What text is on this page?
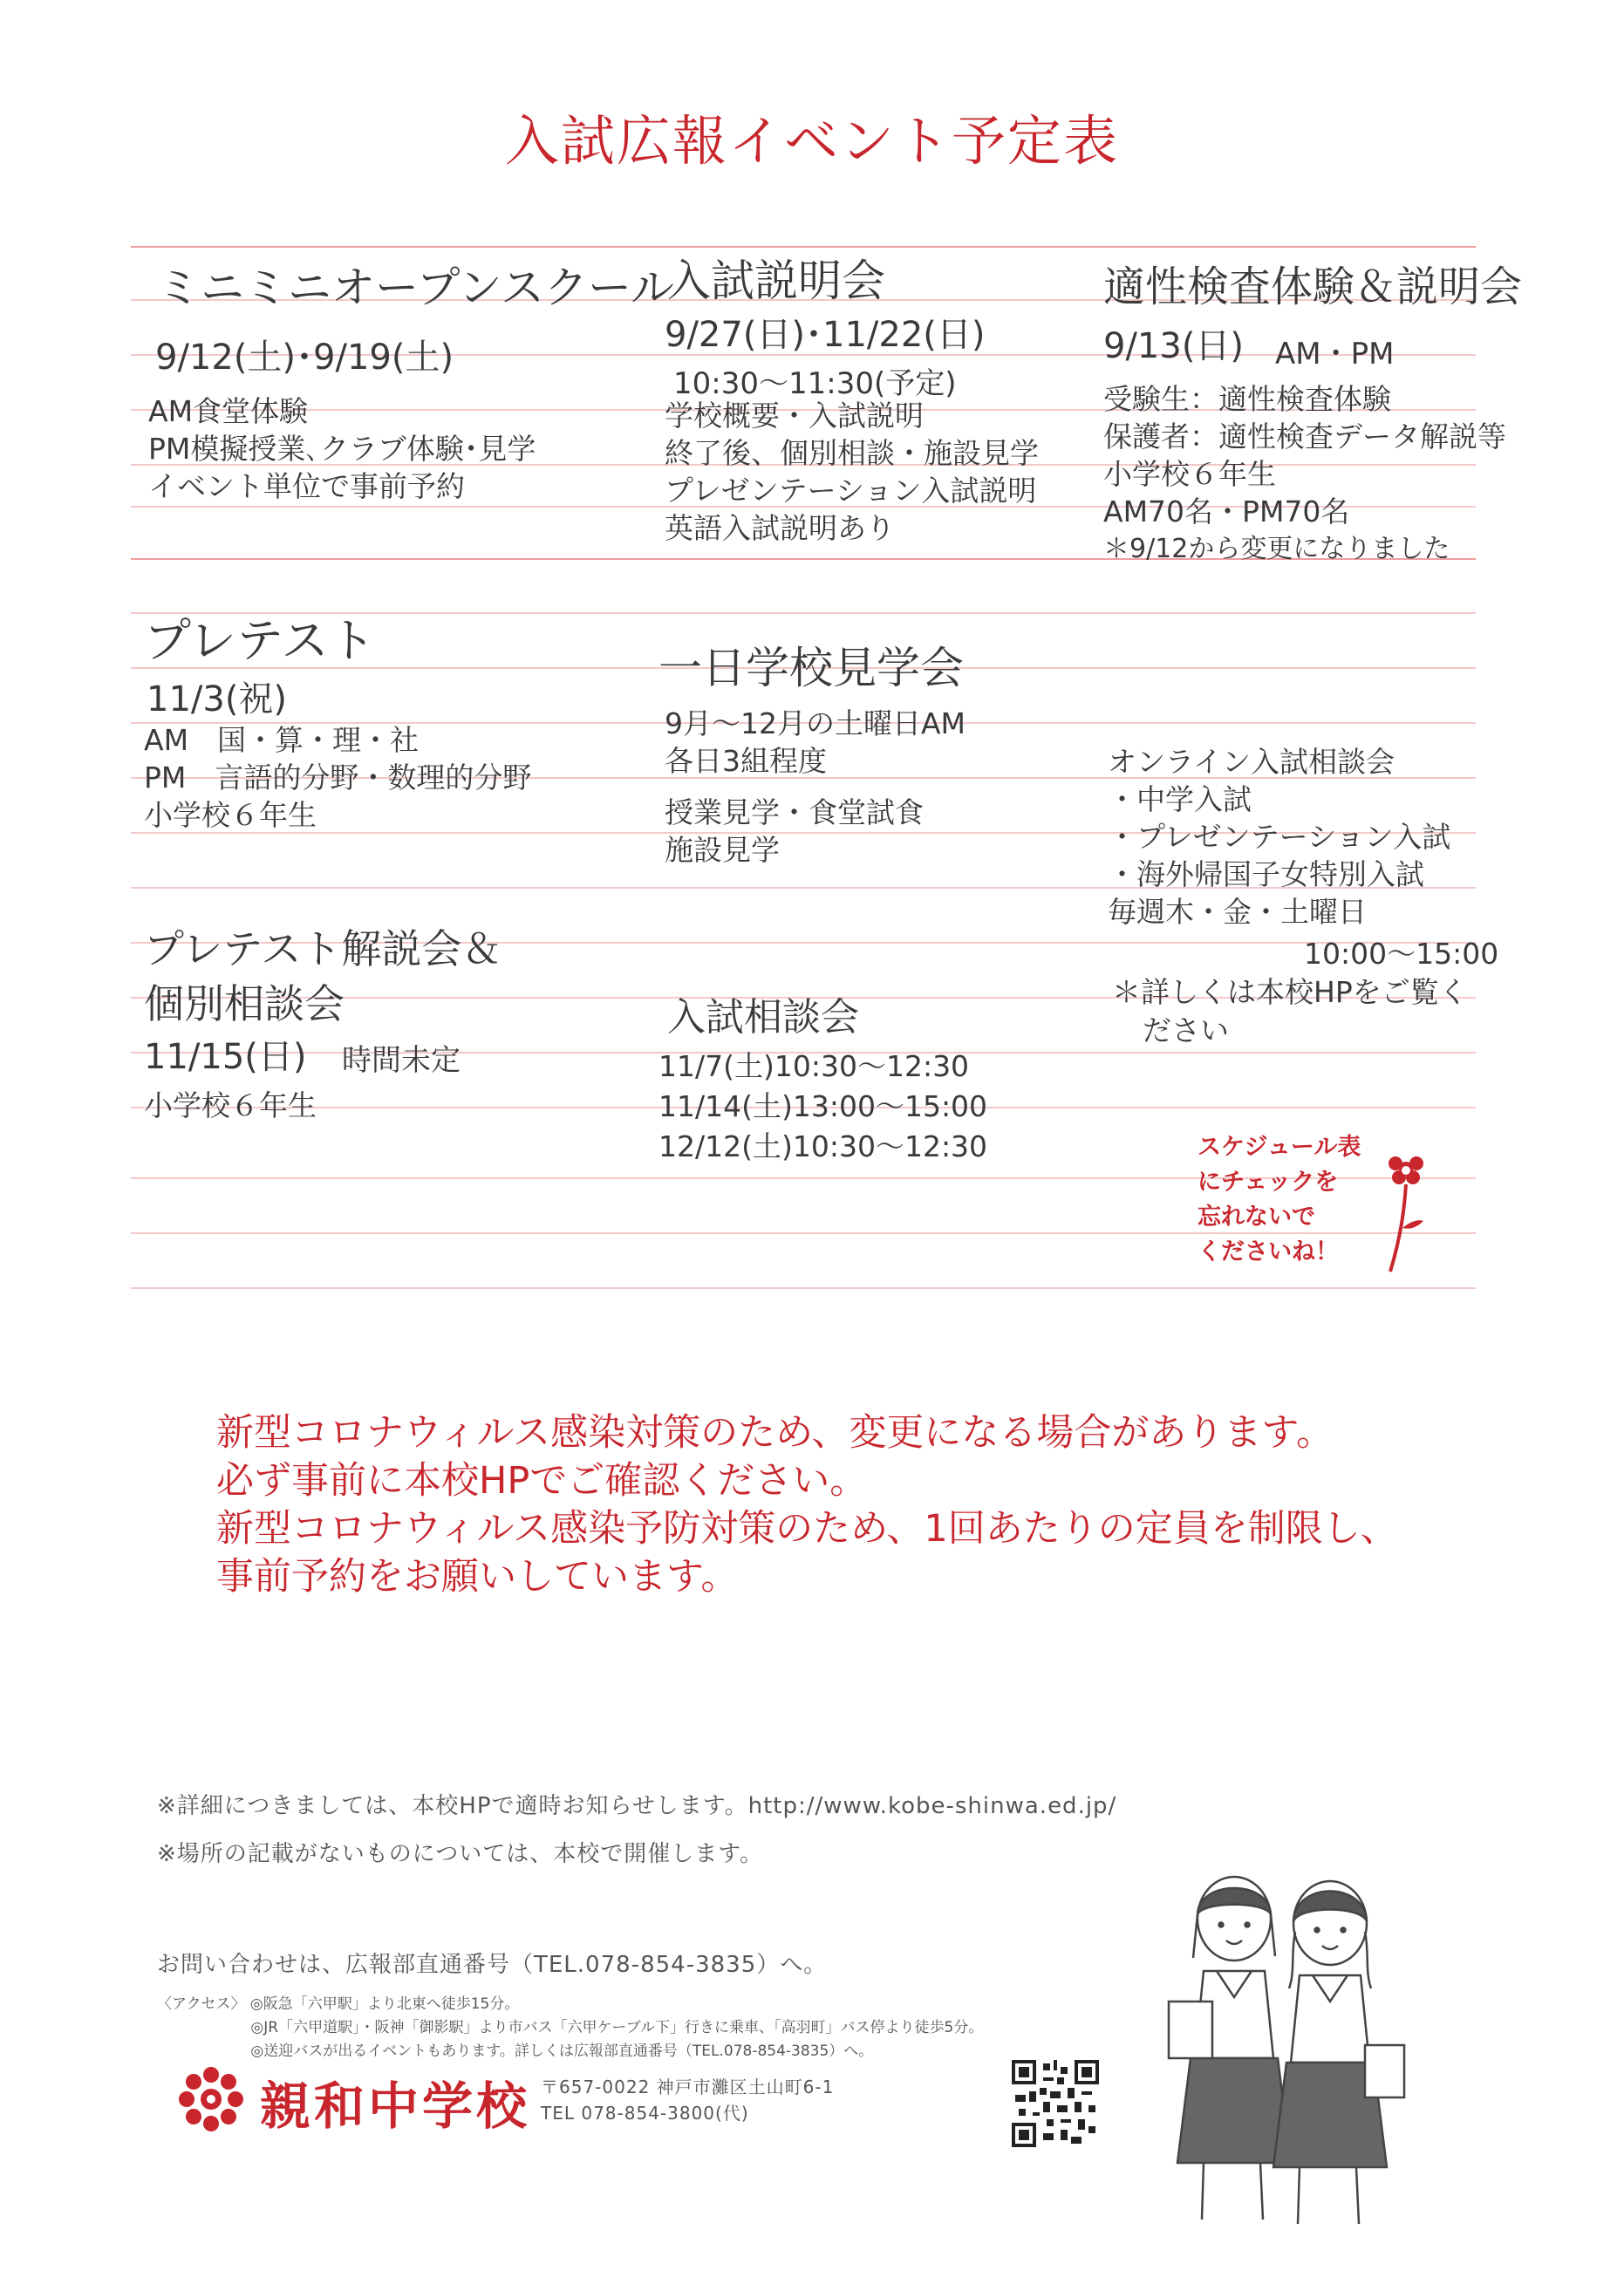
入試広報イベント予定表
ミニミニオープンスクール
9/12(土)･9/19(土)
AM食堂体験
PM模擬授業､クラブ体験･見学
イベント単位で事前予約
入試説明会
9/27(日)･11/22(日)
10:30～11:30(予定)
学校概要・入試説明
終了後、個別相談・施設見学
プレゼンテーション入試説明
英語入試説明あり
適性検査体験＆説明会
9/13(日) AM・PM
受験生：適性検査体験
保護者：適性検査データ解説等
小学校６年生
AM70名・PM70名
＊9/12から変更になりました
プレテスト
11/3(祝)
AM　国・算・理・社
PM　言語的分野・数理的分野
小学校６年生
一日学校見学会
9月～12月の土曜日AM
各日3組程度
授業見学・食堂試食
施設見学
オンライン入試相談会
・中学入試
・プレゼンテーション入試
・海外帰国子女特別入試
毎週木・金・土曜日
10:00～15:00
＊詳しくは本校HPをご覧く
ださい
プレテスト解説会＆
個別相談会
11/15(日) 時間未定
小学校６年生
入試相談会
11/7(土)10:30～12:30
11/14(土)13:00～15:00
12/12(土)10:30～12:30	スケジュール表
にチェックを
忘れないで
くださいね！
新型コロナウィルス感染対策のため、変更になる場合があります。
必ず事前に本校HPでご確認ください。
新型コロナウィルス感染予防対策のため、1回あたりの定員を制限し、
事前予約をお願いしています。
※詳細につきましては、本校HPで適時お知らせします。http://www.kobe-shinwa.ed.jp/
※場所の記載がないものについては、本校で開催します。
お問い合わせは、広報部直通番号（TEL.078-854-3835）へ。
〈アクセス〉 ◎阪急「六甲駅」より北東へ徒歩15分。
　　　　　　 ◎JR「六甲道駅」・阪神「御影駅」より市バス「六甲ケーブル下」行きに乗車、「高羽町」バス停より徒歩5分。
　　　　　　 ◎送迎バスが出るイベントもあります。詳しくは広報部直通番号（TEL.078-854-3835）へ。
親和中学校 〒657-0022 神戸市灘区土山町6-1
TEL 078-854-3800(代)
